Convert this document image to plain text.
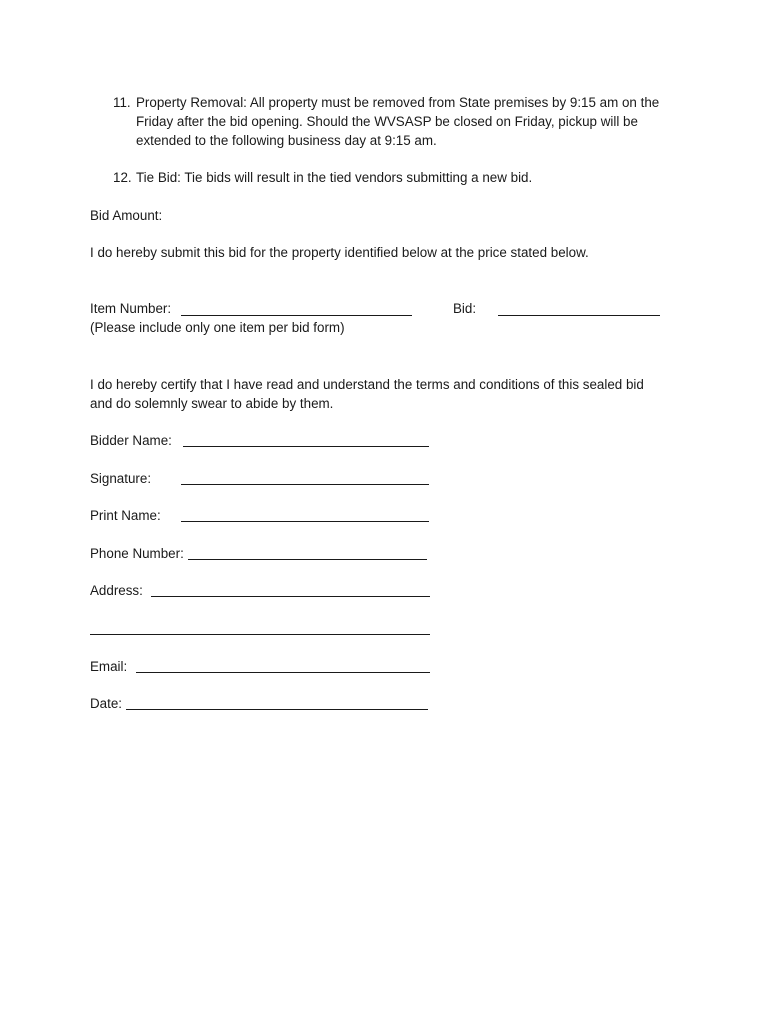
11. Property Removal: All property must be removed from State premises by 9:15 am on the Friday after the bid opening. Should the WVSASP be closed on Friday, pickup will be extended to the following business day at 9:15 am.
12. Tie Bid: Tie bids will result in the tied vendors submitting a new bid.
Bid Amount:
I do hereby submit this bid for the property identified below at the price stated below.
Item Number:	Bid:
(Please include only one item per bid form)
I do hereby certify that I have read and understand the terms and conditions of this sealed bid
and do solemnly swear to abide by them.
Bidder Name:
Signature:
Print Name:
Phone Number:
Address:
Email:
Date:
